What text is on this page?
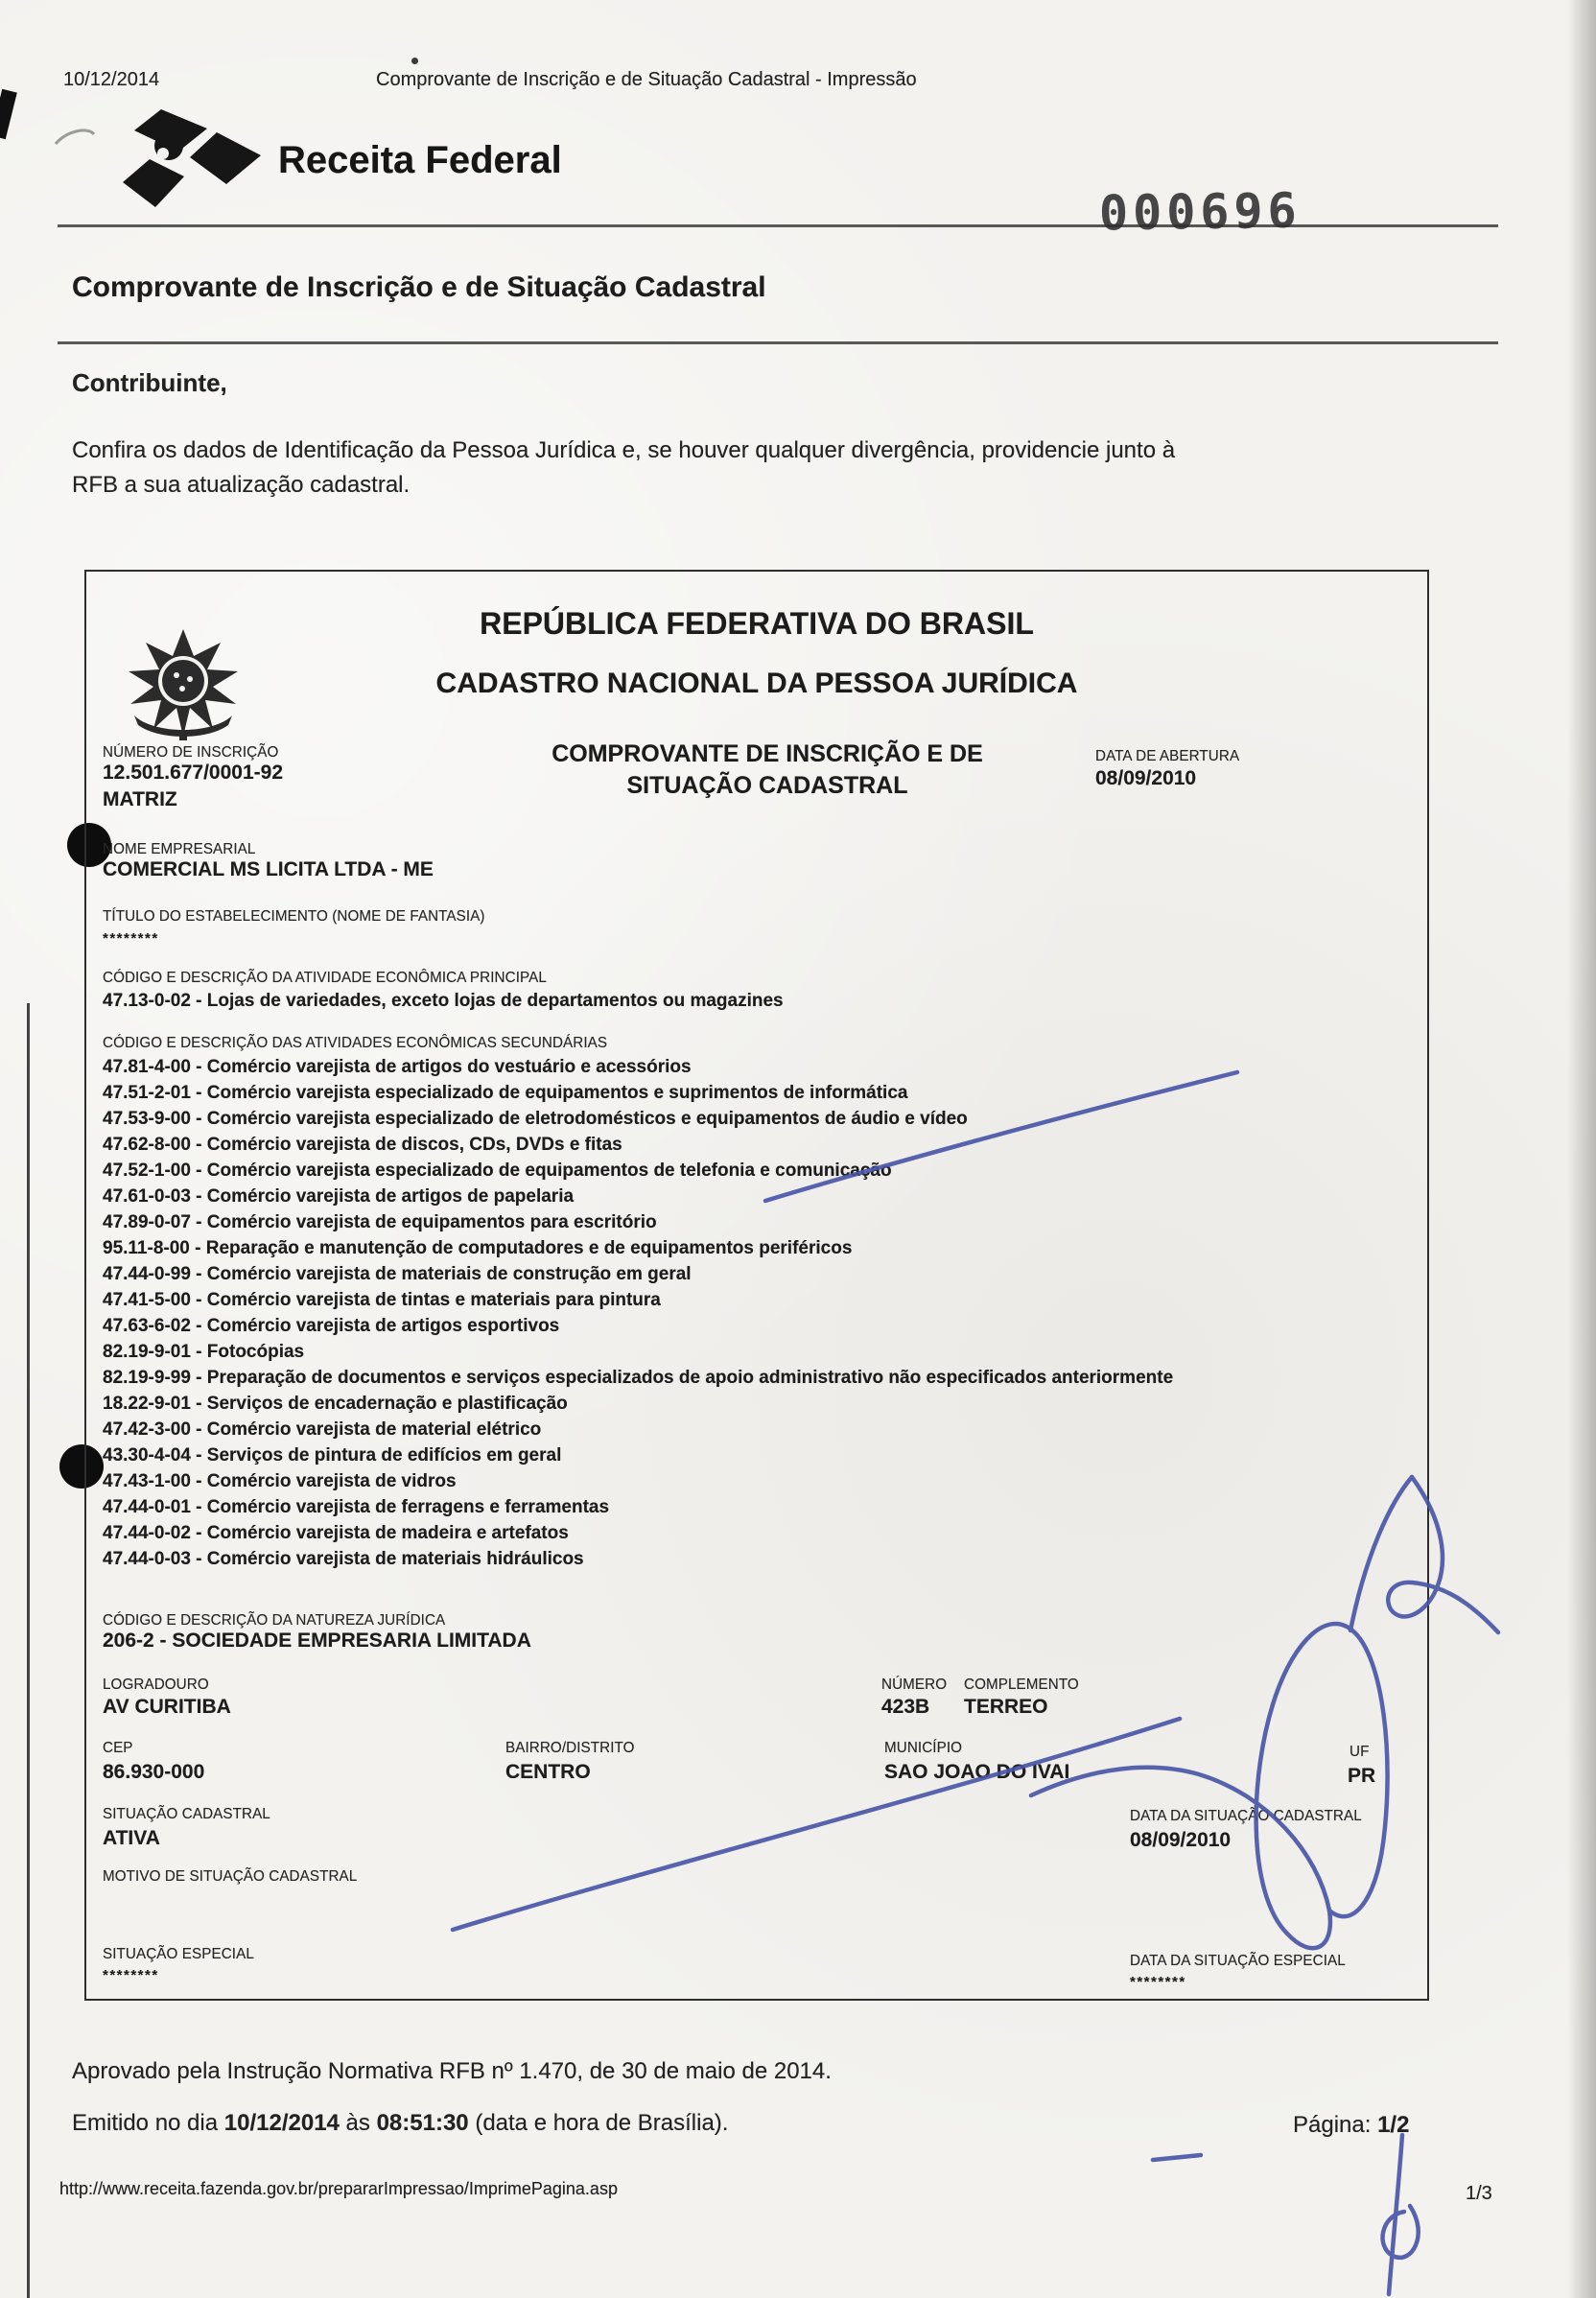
10/12/2014	Comprovante de Inscrição e de Situação Cadastral - Impressão
Receita Federal
000696
Comprovante de Inscrição e de Situação Cadastral
Contribuinte,
Confira os dados de Identificação da Pessoa Jurídica e, se houver qualquer divergência, providencie junto à
RFB a sua atualização cadastral.
REPÚBLICA FEDERATIVA DO BRASIL
CADASTRO NACIONAL DA PESSOA JURÍDICA
NÚMERO DE INSCRIÇÃO
12.501.677/0001-92
MATRIZ
COMPROVANTE DE INSCRIÇÃO E DE
SITUAÇÃO CADASTRAL
DATA DE ABERTURA
08/09/2010
NOME EMPRESARIAL
COMERCIAL MS LICITA LTDA - ME
TÍTULO DO ESTABELECIMENTO (NOME DE FANTASIA)
********
CÓDIGO E DESCRIÇÃO DA ATIVIDADE ECONÔMICA PRINCIPAL
47.13-0-02 - Lojas de variedades, exceto lojas de departamentos ou magazines
CÓDIGO E DESCRIÇÃO DAS ATIVIDADES ECONÔMICAS SECUNDÁRIAS
47.81-4-00 - Comércio varejista de artigos do vestuário e acessórios
47.51-2-01 - Comércio varejista especializado de equipamentos e suprimentos de informática
47.53-9-00 - Comércio varejista especializado de eletrodomésticos e equipamentos de áudio e vídeo
47.62-8-00 - Comércio varejista de discos, CDs, DVDs e fitas
47.52-1-00 - Comércio varejista especializado de equipamentos de telefonia e comunicação
47.61-0-03 - Comércio varejista de artigos de papelaria
47.89-0-07 - Comércio varejista de equipamentos para escritório
95.11-8-00 - Reparação e manutenção de computadores e de equipamentos periféricos
47.44-0-99 - Comércio varejista de materiais de construção em geral
47.41-5-00 - Comércio varejista de tintas e materiais para pintura
47.63-6-02 - Comércio varejista de artigos esportivos
82.19-9-01 - Fotocópias
82.19-9-99 - Preparação de documentos e serviços especializados de apoio administrativo não especificados anteriormente
18.22-9-01 - Serviços de encadernação e plastificação
47.42-3-00 - Comércio varejista de material elétrico
43.30-4-04 - Serviços de pintura de edifícios em geral
47.43-1-00 - Comércio varejista de vidros
47.44-0-01 - Comércio varejista de ferragens e ferramentas
47.44-0-02 - Comércio varejista de madeira e artefatos
47.44-0-03 - Comércio varejista de materiais hidráulicos
CÓDIGO E DESCRIÇÃO DA NATUREZA JURÍDICA
206-2 - SOCIEDADE EMPRESARIA LIMITADA
LOGRADOURO
AV CURITIBA
NÚMERO
423B
COMPLEMENTO
TERREO
CEP
86.930-000
BAIRRO/DISTRITO
CENTRO
MUNICÍPIO
SAO JOAO DO IVAI
UF
PR
SITUAÇÃO CADASTRAL
ATIVA
DATA DA SITUAÇÃO CADASTRAL
08/09/2010
MOTIVO DE SITUAÇÃO CADASTRAL
SITUAÇÃO ESPECIAL
********
DATA DA SITUAÇÃO ESPECIAL
********
Aprovado pela Instrução Normativa RFB nº 1.470, de 30 de maio de 2014.
Emitido no dia 10/12/2014 às 08:51:30 (data e hora de Brasília).	Página: 1/2
http://www.receita.fazenda.gov.br/prepararImpressao/ImprimePagina.asp	1/3
